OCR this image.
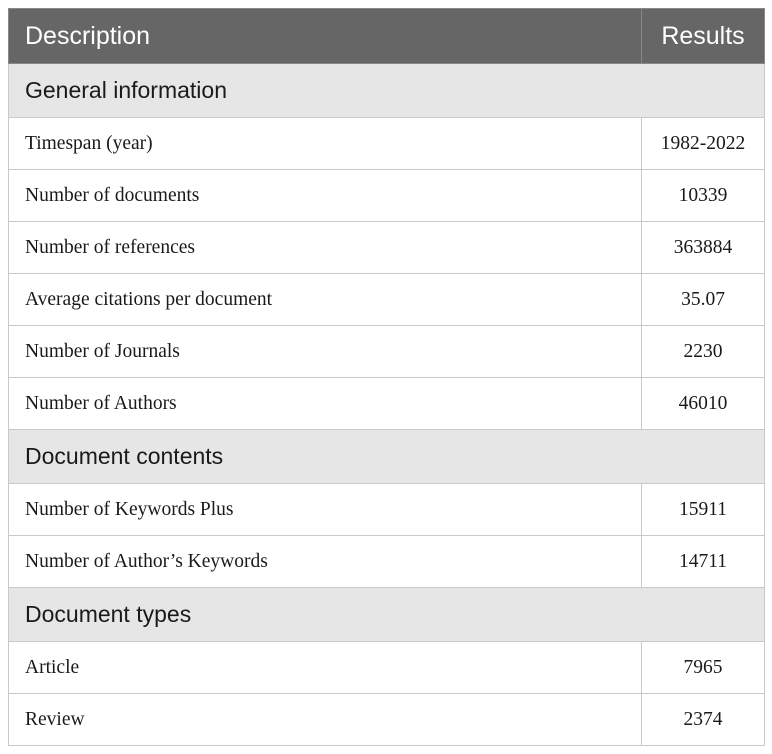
Description	Results
General information	
Timespan (year)	1982-2022
Number of documents	10339
Number of references	363884
Average citations per document	35.07
Number of Journals	2230
Number of Authors	46010
Document contents	
Number of Keywords Plus	15911
Number of Author’s Keywords	14711
Document types	
Article	7965
Review	2374
